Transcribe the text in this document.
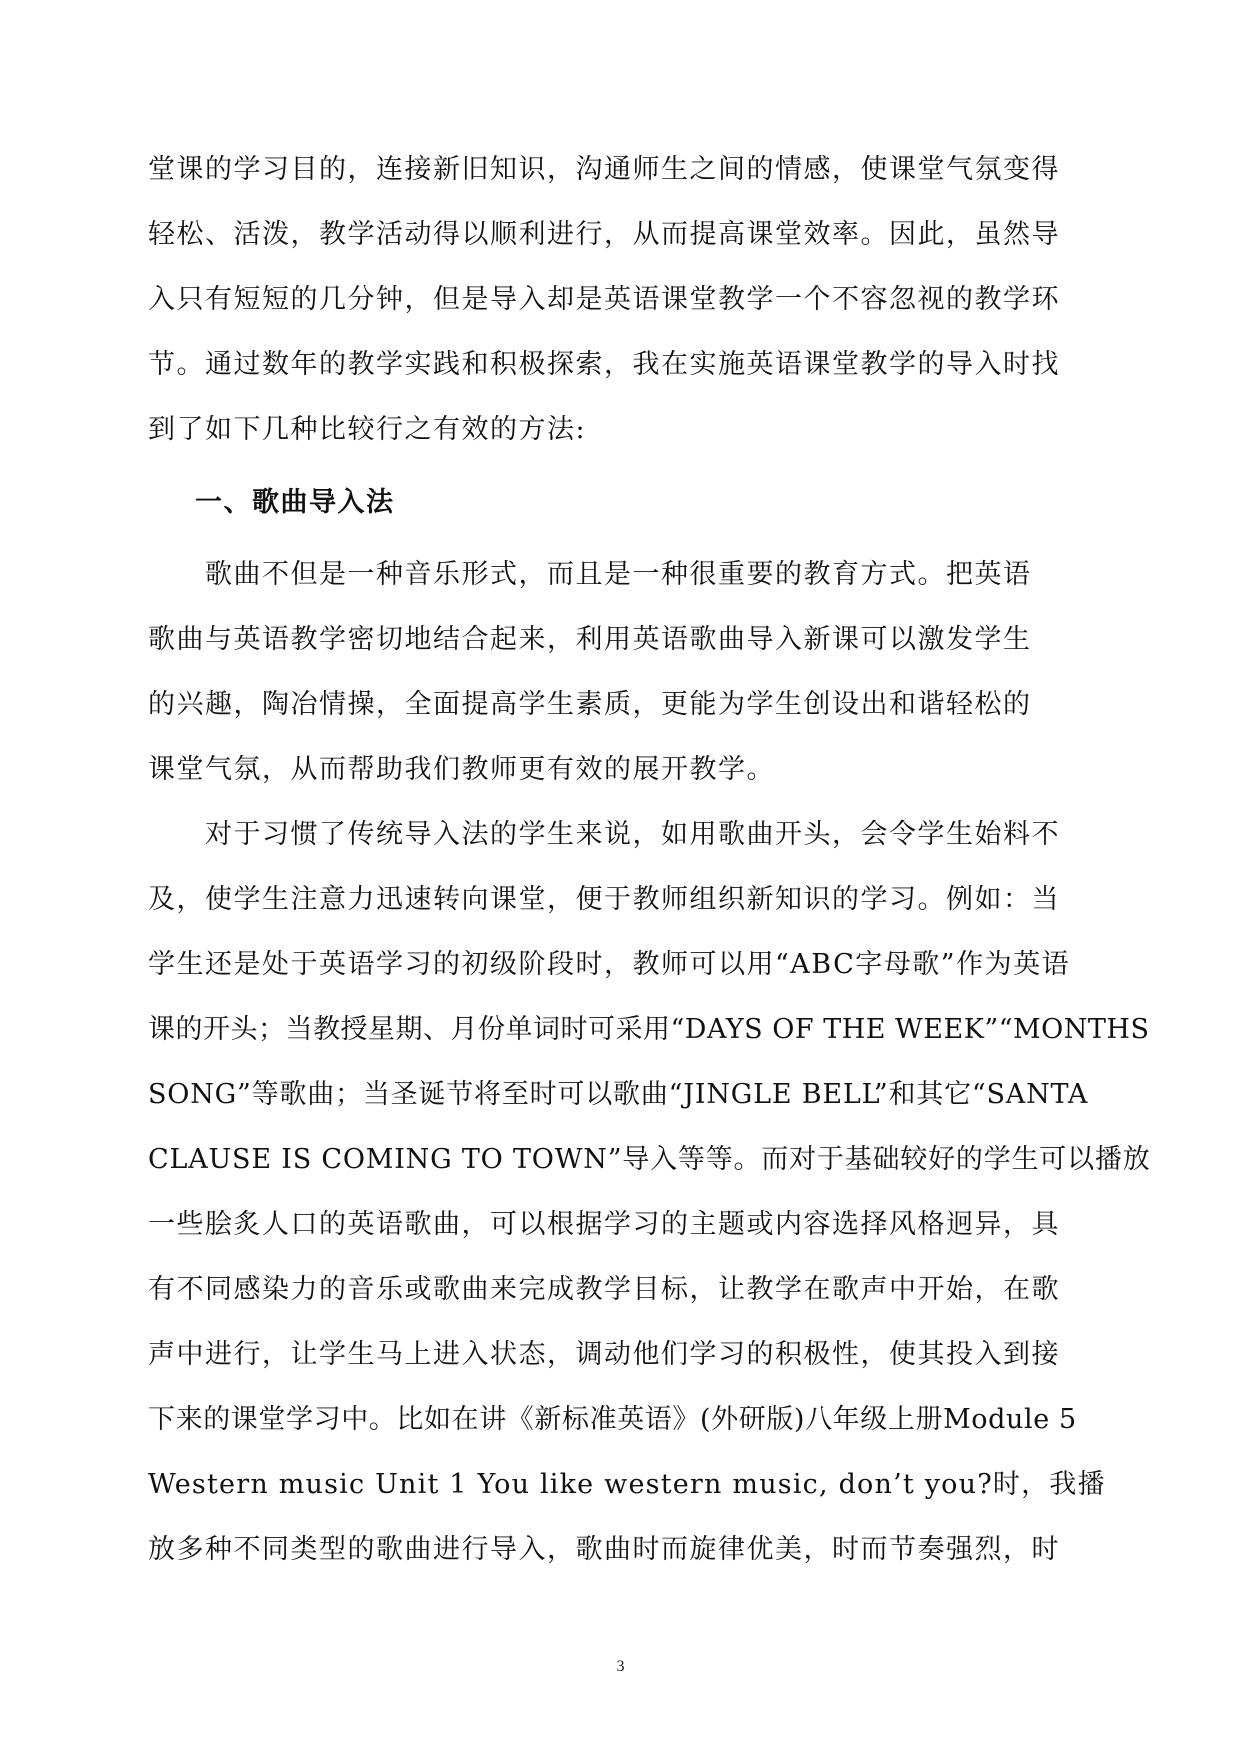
堂课的学习目的，连接新旧知识，沟通师生之间的情感，使课堂气氛变得
轻松、活泼，教学活动得以顺利进行，从而提高课堂效率。因此，虽然导
入只有短短的几分钟，但是导入却是英语课堂教学一个不容忽视的教学环
节。通过数年的教学实践和积极探索，我在实施英语课堂教学的导入时找
到了如下几种比较行之有效的方法:
一、歌曲导入法
歌曲不但是一种音乐形式，而且是一种很重要的教育方式。把英语
歌曲与英语教学密切地结合起来，利用英语歌曲导入新课可以激发学生
的兴趣，陶冶情操，全面提高学生素质，更能为学生创设出和谐轻松的
课堂气氛，从而帮助我们教师更有效的展开教学。
对于习惯了传统导入法的学生来说，如用歌曲开头，会令学生始料不
及，使学生注意力迅速转向课堂，便于教师组织新知识的学习。例如：当
学生还是处于英语学习的初级阶段时，教师可以用“ABC字母歌”作为英语
课的开头；当教授星期、月份单词时可采用“DAYS OF THE WEEK”“MONTHS
SONG”等歌曲；当圣诞节将至时可以歌曲“JINGLE BELL”和其它“SANTA
CLAUSE IS COMING TO TOWN”导入等等。而对于基础较好的学生可以播放
一些脍炙人口的英语歌曲，可以根据学习的主题或内容选择风格迥异，具
有不同感染力的音乐或歌曲来完成教学目标，让教学在歌声中开始，在歌
声中进行，让学生马上进入状态，调动他们学习的积极性，使其投入到接
下来的课堂学习中。比如在讲《新标准英语》(外研版)八年级上册Module 5
Western music Unit 1 You like western music, don’t you?时，我播
放多种不同类型的歌曲进行导入，歌曲时而旋律优美，时而节奏强烈，时
3
